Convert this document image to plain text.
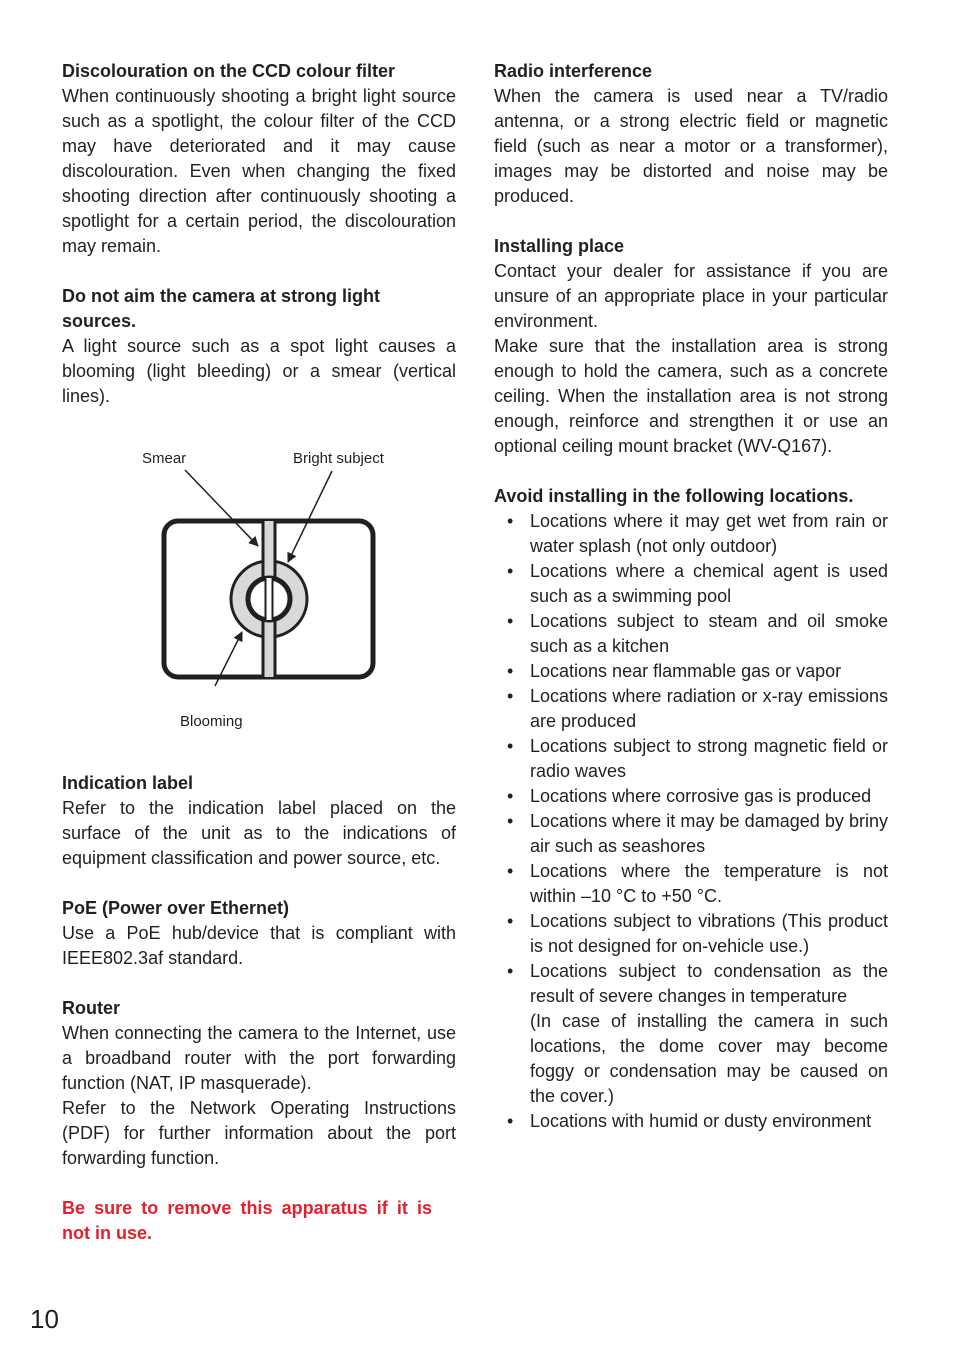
Discolouration on the CCD colour filter

When continuously shooting a bright light source such as a spotlight, the colour filter of the CCD may have deteriorated and it may cause discolouration. Even when changing the fixed shooting direction after continuously shooting a spotlight for a certain period, the discolouration may remain.

Do not aim the camera at strong light sources.

A light source such as a spot light causes a blooming (light bleeding) or a smear (vertical lines).

Smear	Bright subject
Blooming
Indication label

Refer to the indication label placed on the surface of the unit as to the indications of equipment classification and power source, etc.

PoE (Power over Ethernet)

Use a PoE hub/device that is compliant with IEEE802.3af standard.

Router

When connecting the camera to the Internet, use a broadband router with the port forwarding function (NAT, IP masquerade).

Refer to the Network Operating Instructions (PDF) for further information about the port forwarding function.

Be sure to remove this apparatus if it is not in use.

Radio interference

When the camera is used near a TV/radio antenna, or a strong electric field or magnetic field (such as near a motor or a transformer), images may be distorted and noise may be produced.

Installing place

Contact your dealer for assistance if you are unsure of an appropriate place in your particular environment.

Make sure that the installation area is strong enough to hold the camera, such as a concrete ceiling. When the installation area is not strong enough, reinforce and strengthen it or use an optional ceiling mount bracket (WV-Q167).

Avoid installing in the following locations.
• Locations where it may get wet from rain or water splash (not only outdoor)
• Locations where a chemical agent is used such as a swimming pool
• Locations subject to steam and oil smoke such as a kitchen
• Locations near flammable gas or vapor
• Locations where radiation or x-ray emissions are produced
• Locations subject to strong magnetic field or radio waves
• Locations where corrosive gas is produced
• Locations where it may be damaged by briny air such as seashores
• Locations where the temperature is not within –10 °C to +50 °C.
• Locations subject to vibrations (This product is not designed for on-vehicle use.)
• Locations subject to condensation as the result of severe changes in temperature
(In case of installing the camera in such locations, the dome cover may become foggy or condensation may be caused on the cover.)
• Locations with humid or dusty environment
10
